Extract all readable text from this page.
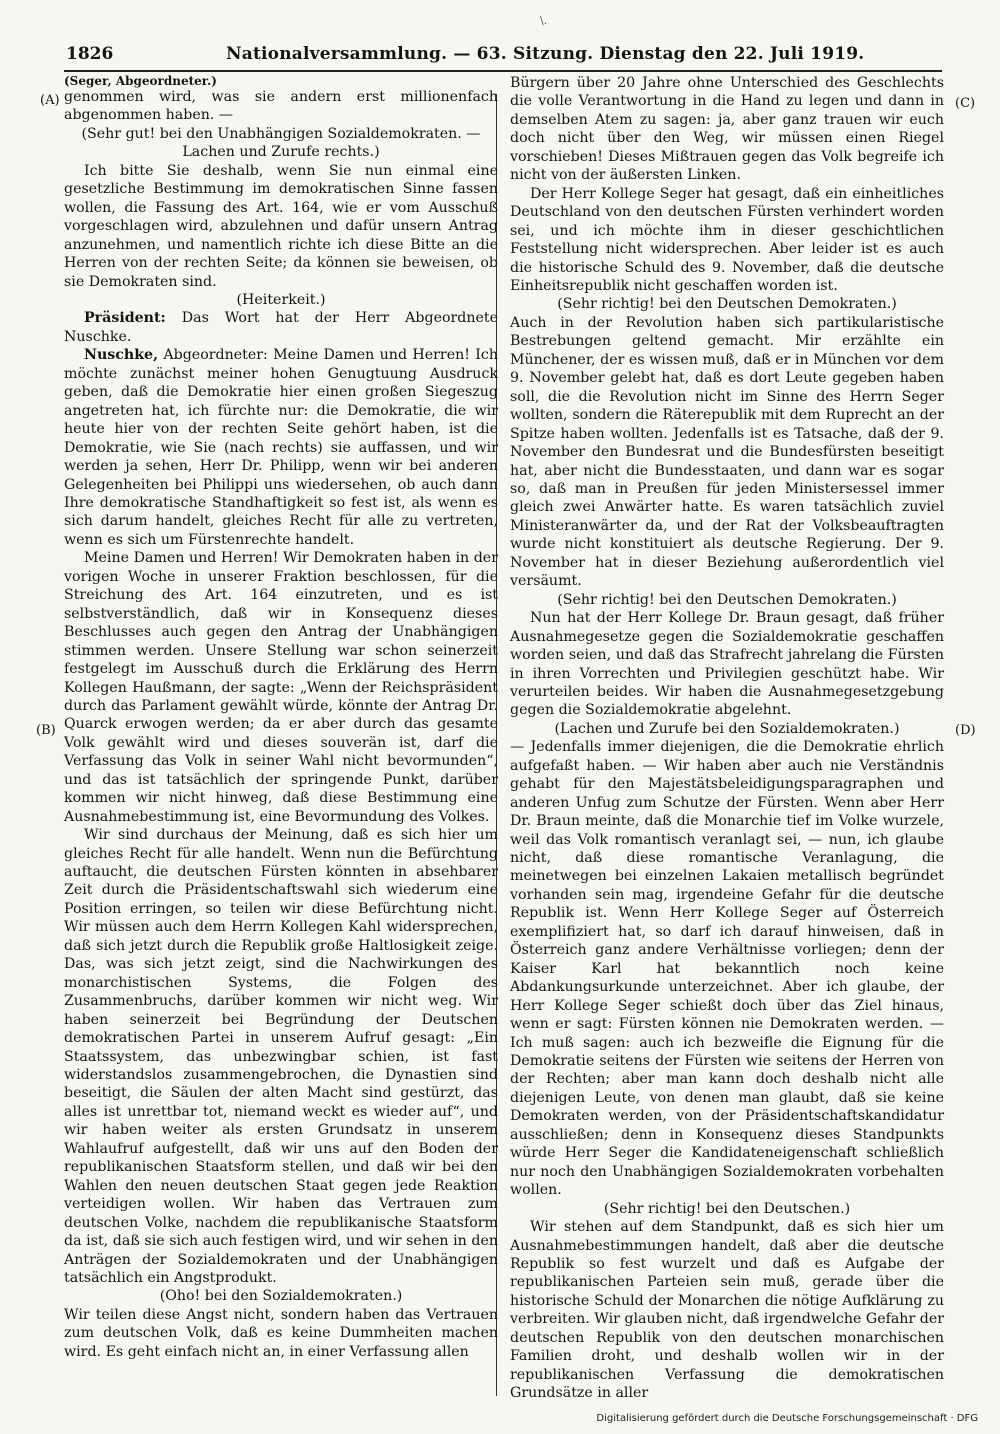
\.
1826	Nationalversammlung. — 63. Sitzung. Dienstag den 22. Juli 1919.
(A)
(B)
(C)
(D)
(Seger, Abgeordneter.)

genommen wird, was sie andern erst millionenfach abgenommen haben. —

(Sehr gut! bei den Unabhängigen Sozialdemokraten. — Lachen und Zurufe rechts.)

Ich bitte Sie deshalb, wenn Sie nun einmal eine gesetzliche Bestimmung im demokratischen Sinne fassen wollen, die Fassung des Art. 164, wie er vom Ausschuß vorgeschlagen wird, abzulehnen und dafür unsern Antrag anzunehmen, und namentlich richte ich diese Bitte an die Herren von der rechten Seite; da können sie beweisen, ob sie Demokraten sind.

(Heiterkeit.)

Präsident: Das Wort hat der Herr Abgeordnete Nuschke.

Nuschke, Abgeordneter: Meine Damen und Herren! Ich möchte zunächst meiner hohen Genugtuung Ausdruck geben, daß die Demokratie hier einen großen Siegeszug angetreten hat, ich fürchte nur: die Demokratie, die wir heute hier von der rechten Seite gehört haben, ist die Demokratie, wie Sie (nach rechts) sie auffassen, und wir werden ja sehen, Herr Dr. Philipp, wenn wir bei anderen Gelegenheiten bei Philippi uns wiedersehen, ob auch dann Ihre demokratische Standhaftigkeit so fest ist, als wenn es sich darum handelt, gleiches Recht für alle zu vertreten, wenn es sich um Fürstenrechte handelt.

Meine Damen und Herren! Wir Demokraten haben in der vorigen Woche in unserer Fraktion beschlossen, für die Streichung des Art. 164 einzutreten, und es ist selbstverständlich, daß wir in Konsequenz dieses Beschlusses auch gegen den Antrag der Unabhängigen stimmen werden. Unsere Stellung war schon seinerzeit festgelegt im Ausschuß durch die Erklärung des Herrn Kollegen Haußmann, der sagte: „Wenn der Reichspräsident durch das Parlament gewählt würde, könnte der Antrag Dr. Quarck erwogen werden; da er aber durch das gesamte Volk gewählt wird und dieses souverän ist, darf die Verfassung das Volk in seiner Wahl nicht bevormunden“, und das ist tatsächlich der springende Punkt, darüber kommen wir nicht hinweg, daß diese Bestimmung eine Ausnahmebestimmung ist, eine Bevormundung des Volkes.

Wir sind durchaus der Meinung, daß es sich hier um gleiches Recht für alle handelt. Wenn nun die Befürchtung auftaucht, die deutschen Fürsten könnten in absehbarer Zeit durch die Präsidentschaftswahl sich wiederum eine Position erringen, so teilen wir diese Befürchtung nicht. Wir müssen auch dem Herrn Kollegen Kahl widersprechen, daß sich jetzt durch die Republik große Haltlosigkeit zeige. Das, was sich jetzt zeigt, sind die Nachwirkungen des monarchistischen Systems, die Folgen des Zusammenbruchs, darüber kommen wir nicht weg. Wir haben seinerzeit bei Begründung der Deutschen demokratischen Partei in unserem Aufruf gesagt: „Ein Staatssystem, das unbezwingbar schien, ist fast widerstandslos zusammengebrochen, die Dynastien sind beseitigt, die Säulen der alten Macht sind gestürzt, das alles ist unrettbar tot, niemand weckt es wieder auf“, und wir haben weiter als ersten Grundsatz in unserem Wahlaufruf aufgestellt, daß wir uns auf den Boden der republikanischen Staatsform stellen, und daß wir bei den Wahlen den neuen deutschen Staat gegen jede Reaktion verteidigen wollen. Wir haben das Vertrauen zum deutschen Volke, nachdem die republikanische Staatsform da ist, daß sie sich auch festigen wird, und wir sehen in den Anträgen der Sozialdemokraten und der Unabhängigen tatsächlich ein Angstprodukt.

(Oho! bei den Sozialdemokraten.)

Wir teilen diese Angst nicht, sondern haben das Vertrauen zum deutschen Volk, daß es keine Dummheiten machen wird. Es geht einfach nicht an, in einer Verfassung allen

Bürgern über 20 Jahre ohne Unterschied des Geschlechts die volle Verantwortung in die Hand zu legen und dann in demselben Atem zu sagen: ja, aber ganz trauen wir euch doch nicht über den Weg, wir müssen einen Riegel vorschieben! Dieses Mißtrauen gegen das Volk begreife ich nicht von der äußersten Linken.

Der Herr Kollege Seger hat gesagt, daß ein einheitliches Deutschland von den deutschen Fürsten verhindert worden sei, und ich möchte ihm in dieser geschichtlichen Feststellung nicht widersprechen. Aber leider ist es auch die historische Schuld des 9. November, daß die deutsche Einheitsrepublik nicht geschaffen worden ist.

(Sehr richtig! bei den Deutschen Demokraten.)

Auch in der Revolution haben sich partikularistische Bestrebungen geltend gemacht. Mir erzählte ein Münchener, der es wissen muß, daß er in München vor dem 9. November gelebt hat, daß es dort Leute gegeben haben soll, die die Revolution nicht im Sinne des Herrn Seger wollten, sondern die Räterepublik mit dem Ruprecht an der Spitze haben wollten. Jedenfalls ist es Tatsache, daß der 9. November den Bundesrat und die Bundesfürsten beseitigt hat, aber nicht die Bundesstaaten, und dann war es sogar so, daß man in Preußen für jeden Ministersessel immer gleich zwei Anwärter hatte. Es waren tatsächlich zuviel Ministeranwärter da, und der Rat der Volksbeauftragten wurde nicht konstituiert als deutsche Regierung. Der 9. November hat in dieser Beziehung außerordentlich viel versäumt.

(Sehr richtig! bei den Deutschen Demokraten.)

Nun hat der Herr Kollege Dr. Braun gesagt, daß früher Ausnahmegesetze gegen die Sozialdemokratie geschaffen worden seien, und daß das Strafrecht jahrelang die Fürsten in ihren Vorrechten und Privilegien geschützt habe. Wir verurteilen beides. Wir haben die Ausnahmegesetzgebung gegen die Sozialdemokratie abgelehnt.

(Lachen und Zurufe bei den Sozialdemokraten.)

— Jedenfalls immer diejenigen, die die Demokratie ehrlich aufgefaßt haben. — Wir haben aber auch nie Verständnis gehabt für den Majestätsbeleidigungsparagraphen und anderen Unfug zum Schutze der Fürsten. Wenn aber Herr Dr. Braun meinte, daß die Monarchie tief im Volke wurzele, weil das Volk romantisch veranlagt sei, — nun, ich glaube nicht, daß diese romantische Veranlagung, die meinetwegen bei einzelnen Lakaien metallisch begründet vorhanden sein mag, irgendeine Gefahr für die deutsche Republik ist. Wenn Herr Kollege Seger auf Österreich exemplifiziert hat, so darf ich darauf hinweisen, daß in Österreich ganz andere Verhältnisse vorliegen; denn der Kaiser Karl hat bekanntlich noch keine Abdankungsurkunde unterzeichnet. Aber ich glaube, der Herr Kollege Seger schießt doch über das Ziel hinaus, wenn er sagt: Fürsten können nie Demokraten werden. — Ich muß sagen: auch ich bezweifle die Eignung für die Demokratie seitens der Fürsten wie seitens der Herren von der Rechten; aber man kann doch deshalb nicht alle diejenigen Leute, von denen man glaubt, daß sie keine Demokraten werden, von der Präsidentschaftskandidatur ausschließen; denn in Konsequenz dieses Standpunkts würde Herr Seger die Kandidateneigenschaft schließlich nur noch den Unabhängigen Sozialdemokraten vorbehalten wollen.

(Sehr richtig! bei den Deutschen.)

Wir stehen auf dem Standpunkt, daß es sich hier um Ausnahmebestimmungen handelt, daß aber die deutsche Republik so fest wurzelt und daß es Aufgabe der republikanischen Parteien sein muß, gerade über die historische Schuld der Monarchen die nötige Aufklärung zu verbreiten. Wir glauben nicht, daß irgendwelche Gefahr der deutschen Republik von den deutschen monarchischen Familien droht, und deshalb wollen wir in der republikanischen Verfassung die demokratischen Grundsätze in aller

Digitalisierung gefördert durch die Deutsche Forschungsgemeinschaft · DFG
